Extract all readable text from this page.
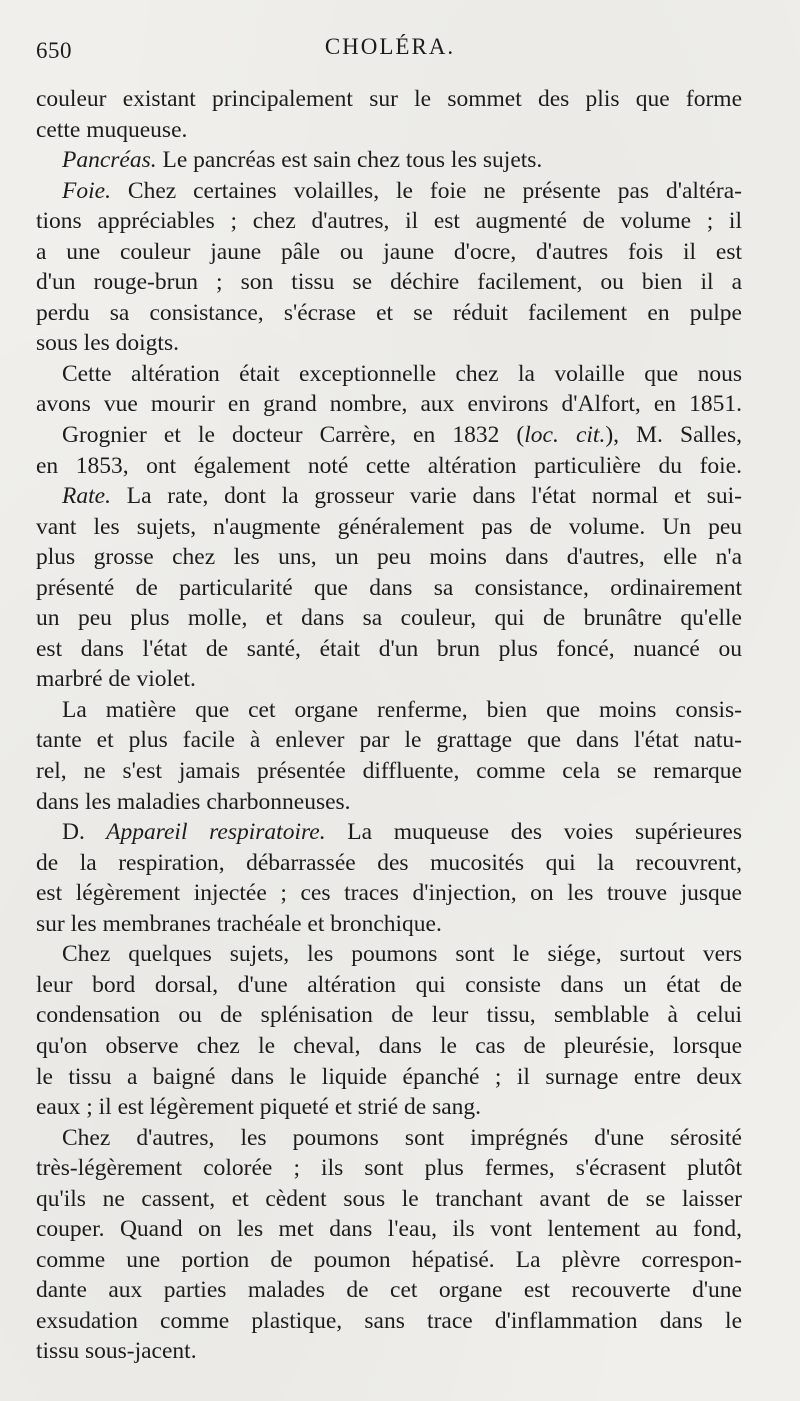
650	CHOLÉRA.
couleur existant principalement sur le sommet des plis que forme
cette muqueuse.
Pancréas. Le pancréas est sain chez tous les sujets.
Foie. Chez certaines volailles, le foie ne présente pas d'altéra-
tions appréciables ; chez d'autres, il est augmenté de volume ; il
a une couleur jaune pâle ou jaune d'ocre, d'autres fois il est
d'un rouge-brun ; son tissu se déchire facilement, ou bien il a
perdu sa consistance, s'écrase et se réduit facilement en pulpe
sous les doigts.
Cette altération était exceptionnelle chez la volaille que nous
avons vue mourir en grand nombre, aux environs d'Alfort, en 1851.
Grognier et le docteur Carrère, en 1832 (loc. cit.), M. Salles,
en 1853, ont également noté cette altération particulière du foie.
Rate. La rate, dont la grosseur varie dans l'état normal et sui-
vant les sujets, n'augmente généralement pas de volume. Un peu
plus grosse chez les uns, un peu moins dans d'autres, elle n'a
présenté de particularité que dans sa consistance, ordinairement
un peu plus molle, et dans sa couleur, qui de brunâtre qu'elle
est dans l'état de santé, était d'un brun plus foncé, nuancé ou
marbré de violet.
La matière que cet organe renferme, bien que moins consis-
tante et plus facile à enlever par le grattage que dans l'état natu-
rel, ne s'est jamais présentée diffluente, comme cela se remarque
dans les maladies charbonneuses.
D. Appareil respiratoire. La muqueuse des voies supérieures
de la respiration, débarrassée des mucosités qui la recouvrent,
est légèrement injectée ; ces traces d'injection, on les trouve jusque
sur les membranes trachéale et bronchique.
Chez quelques sujets, les poumons sont le siége, surtout vers
leur bord dorsal, d'une altération qui consiste dans un état de
condensation ou de splénisation de leur tissu, semblable à celui
qu'on observe chez le cheval, dans le cas de pleurésie, lorsque
le tissu a baigné dans le liquide épanché ; il surnage entre deux
eaux ; il est légèrement piqueté et strié de sang.
Chez d'autres, les poumons sont imprégnés d'une sérosité
très-légèrement colorée ; ils sont plus fermes, s'écrasent plutôt
qu'ils ne cassent, et cèdent sous le tranchant avant de se laisser
couper. Quand on les met dans l'eau, ils vont lentement au fond,
comme une portion de poumon hépatisé. La plèvre correspon-
dante aux parties malades de cet organe est recouverte d'une
exsudation comme plastique, sans trace d'inflammation dans le
tissu sous-jacent.
